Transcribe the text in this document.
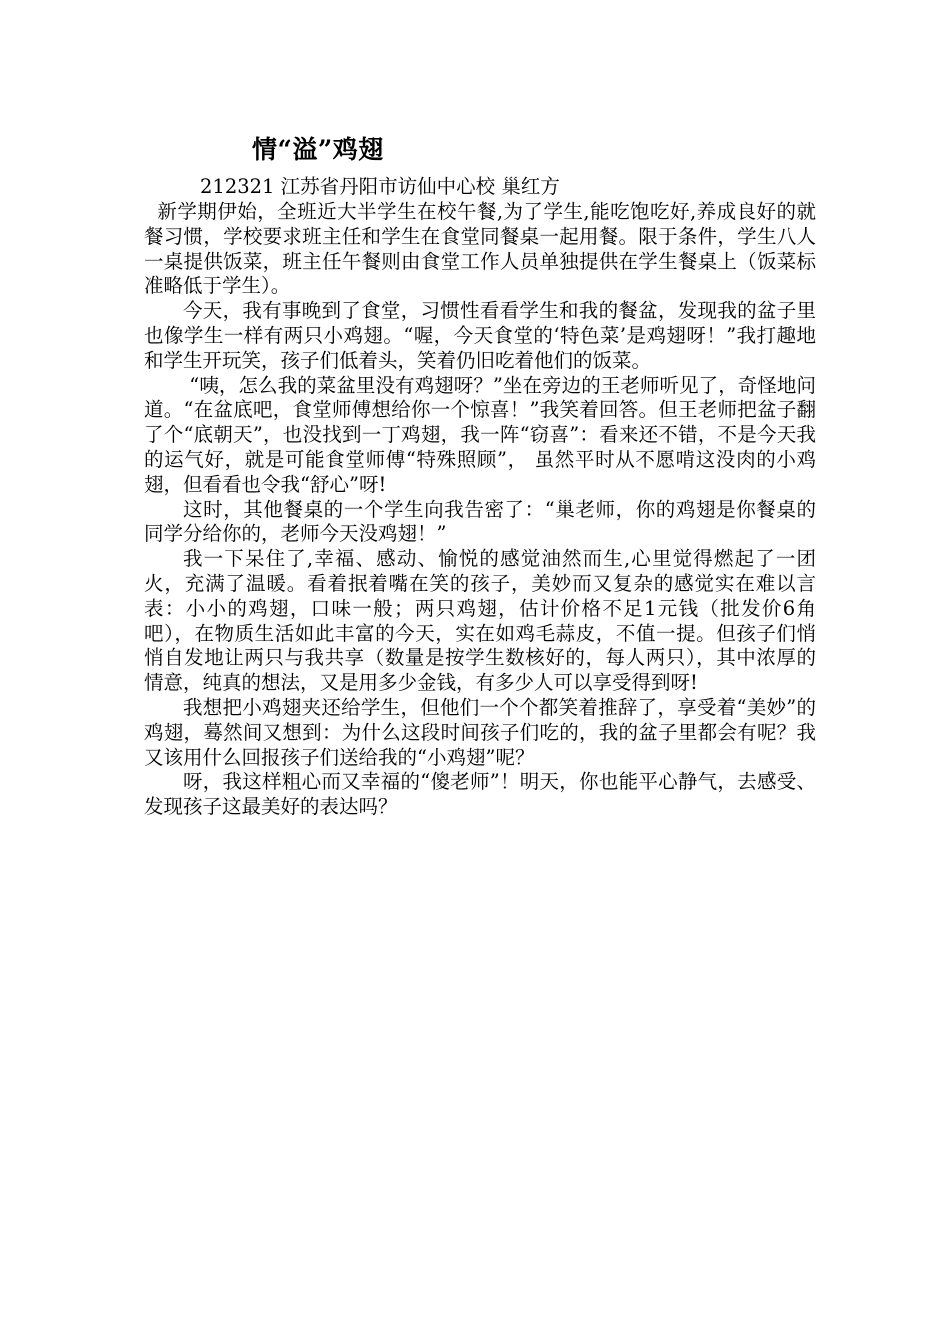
情“溢”鸡翅
212321 江苏省丹阳市访仙中心校 巢红方

新学期伊始，全班近大半学生在校午餐,为了学生,能吃饱吃好,养成良好的就餐习惯，学校要求班主任和学生在食堂同餐桌一起用餐。限于条件，学生八人一桌提供饭菜，班主任午餐则由食堂工作人员单独提供在学生餐桌上（饭菜标准略低于学生）。

今天，我有事晚到了食堂，习惯性看看学生和我的餐盆，发现我的盆子里也像学生一样有两只小鸡翅。“喔，今天食堂的‘特色菜’是鸡翅呀！”我打趣地和学生开玩笑，孩子们低着头，笑着仍旧吃着他们的饭菜。

“咦，怎么我的菜盆里没有鸡翅呀？”坐在旁边的王老师听见了，奇怪地问道。“在盆底吧，食堂师傅想给你一个惊喜！”我笑着回答。但王老师把盆子翻了个“底朝天”，也没找到一丁鸡翅，我一阵“窃喜”：看来还不错，不是今天我的运气好，就是可能食堂师傅“特殊照顾”， 虽然平时从不愿啃这没肉的小鸡翅，但看看也令我“舒心”呀!

这时，其他餐桌的一个学生向我告密了：“巢老师，你的鸡翅是你餐桌的同学分给你的，老师今天没鸡翅！”

我一下呆住了,幸福、感动、愉悦的感觉油然而生,心里觉得燃起了一团火，充满了温暖。看着抿着嘴在笑的孩子，美妙而又复杂的感觉实在难以言表：小小的鸡翅，口味一般；两只鸡翅，估计价格不足1元钱（批发价6角吧），在物质生活如此丰富的今天，实在如鸡毛蒜皮，不值一提。但孩子们悄悄自发地让两只与我共享（数量是按学生数核好的，每人两只），其中浓厚的情意，纯真的想法，又是用多少金钱，有多少人可以享受得到呀!

我想把小鸡翅夹还给学生，但他们一个个都笑着推辞了，享受着“美妙”的鸡翅，蓦然间又想到：为什么这段时间孩子们吃的，我的盆子里都会有呢？我又该用什么回报孩子们送给我的“小鸡翅”呢？

呀，我这样粗心而又幸福的“傻老师”！明天，你也能平心静气，去感受、发现孩子这最美好的表达吗？
